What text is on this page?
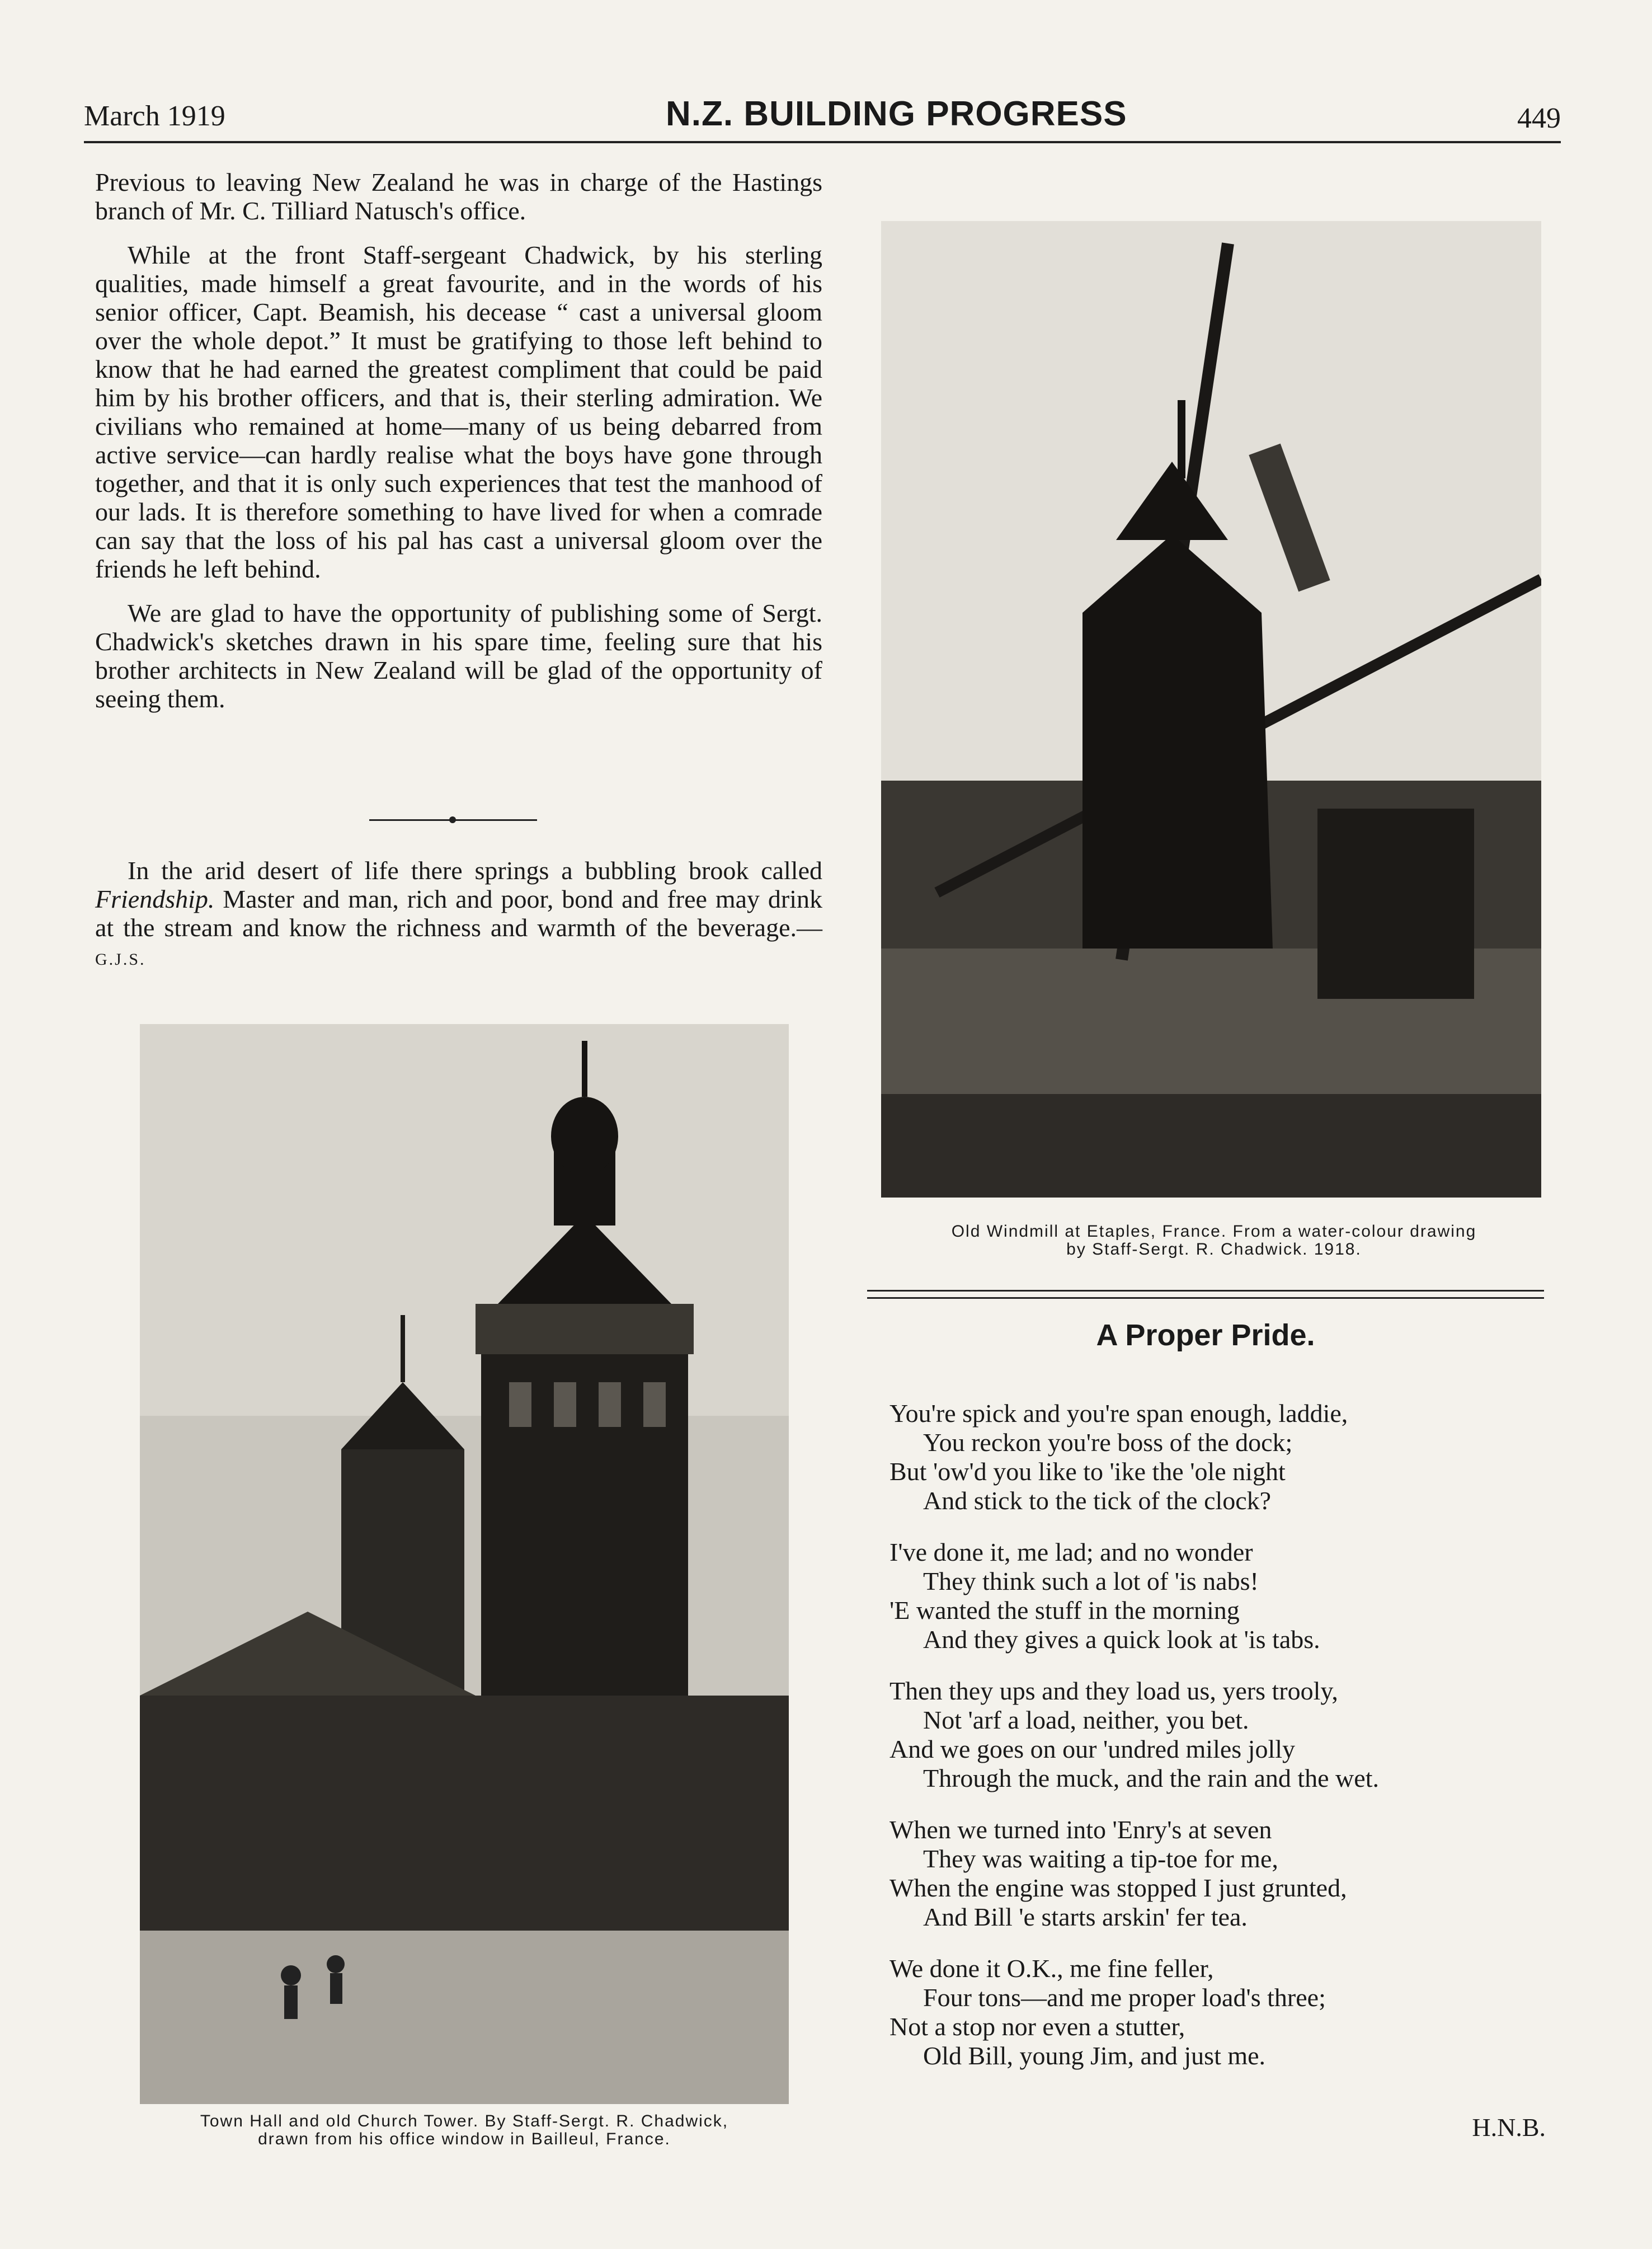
March 1919	N.Z. BUILDING PROGRESS	449

Previous to leaving New Zealand he was in charge of the Hastings branch of Mr. C. Tilliard Natusch's office.

While at the front Staff-sergeant Chadwick, by his sterling qualities, made himself a great favourite, and in the words of his senior officer, Capt. Beamish, his decease “ cast a universal gloom over the whole depot.” It must be gratifying to those left behind to know that he had earned the greatest compliment that could be paid him by his brother officers, and that is, their sterling admiration. We civilians who remained at home—many of us being debarred from active service—can hardly realise what the boys have gone through together, and that it is only such experiences that test the manhood of our lads. It is therefore something to have lived for when a comrade can say that the loss of his pal has cast a universal gloom over the friends he left behind.

We are glad to have the opportunity of publishing some of Sergt. Chadwick's sketches drawn in his spare time, feeling sure that his brother architects in New Zealand will be glad of the opportunity of seeing them.

In the arid desert of life there springs a bubbling brook called Friendship. Master and man, rich and poor, bond and free may drink at the stream and know the richness and warmth of the beverage.—G.J.S.

Town Hall and old Church Tower. By Staff-Sergt. R. Chadwick,
drawn from his office window in Bailleul, France.
Old Windmill at Etaples, France. From a water-colour drawing
by Staff-Sergt. R. Chadwick. 1918.
A Proper Pride.
You're spick and you're span enough, laddie,
You reckon you're boss of the dock;
But 'ow'd you like to 'ike the 'ole night
And stick to the tick of the clock?
I've done it, me lad; and no wonder
They think such a lot of 'is nabs!
'E wanted the stuff in the morning
And they gives a quick look at 'is tabs.
Then they ups and they load us, yers trooly,
Not 'arf a load, neither, you bet.
And we goes on our 'undred miles jolly
Through the muck, and the rain and the wet.
When we turned into 'Enry's at seven
They was waiting a tip-toe for me,
When the engine was stopped I just grunted,
And Bill 'e starts arskin' fer tea.
We done it O.K., me fine feller,
Four tons—and me proper load's three;
Not a stop nor even a stutter,
Old Bill, young Jim, and just me.
H.N.B.
